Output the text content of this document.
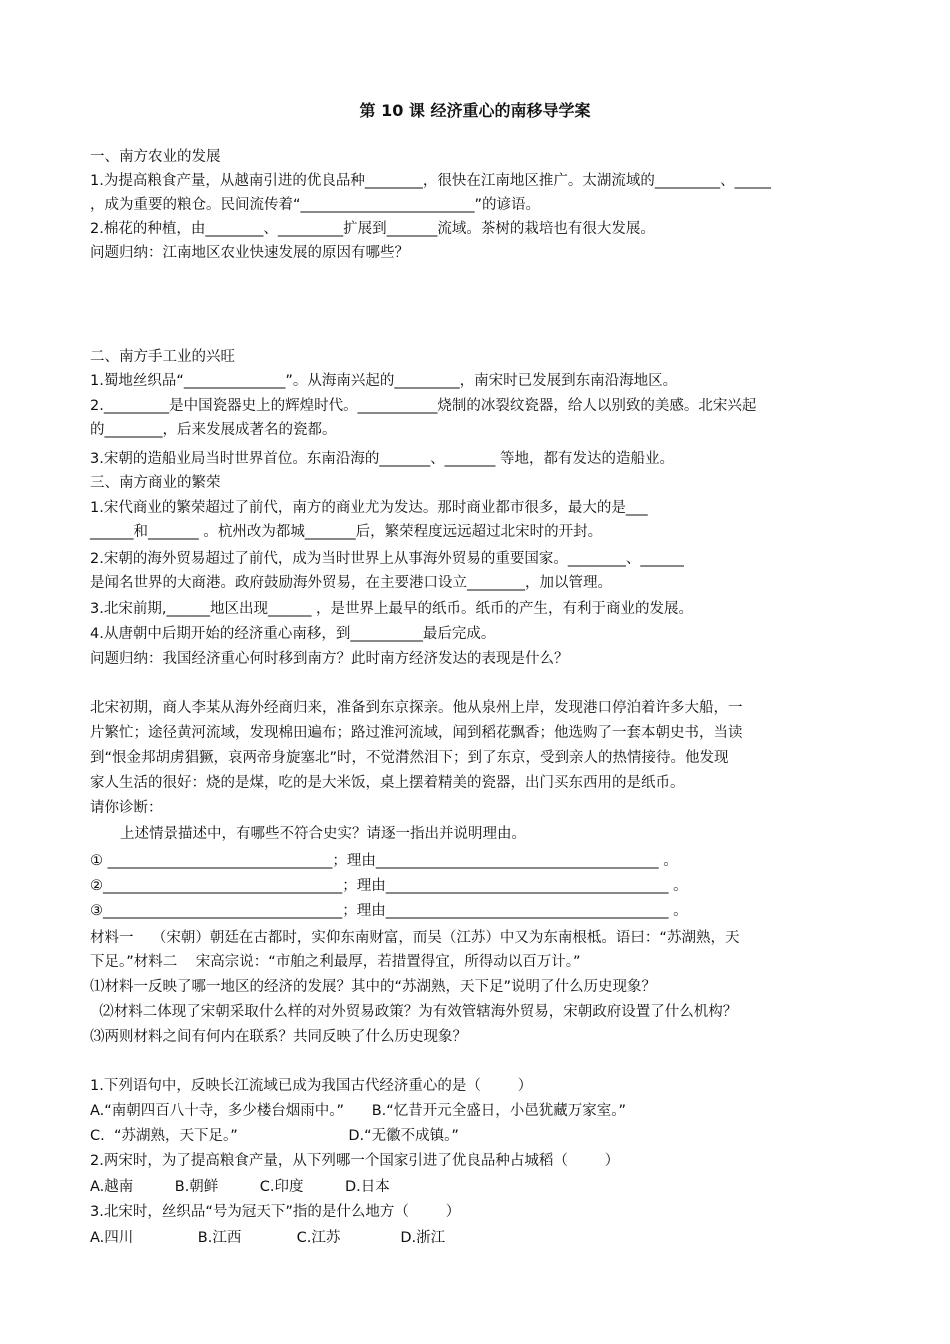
第 10 课 经济重心的南移导学案
一、南方农业的发展
1.为提高粮食产量，从越南引进的优良品种________，很快在江南地区推广。太湖流域的_________、_____
，成为重要的粮仓。民间流传着“________________________”的谚语。
2.棉花的种植，由________、_________扩展到_______流域。茶树的栽培也有很大发展。
问题归纳：江南地区农业快速发展的原因有哪些？
二、南方手工业的兴旺
1.蜀地丝织品“______________”。从海南兴起的_________，南宋时已发展到东南沿海地区。
2._________是中国瓷器史上的辉煌时代。___________烧制的冰裂纹瓷器，给人以别致的美感。北宋兴起
的________，后来发展成著名的瓷都。
3.宋朝的造船业局当时世界首位。东南沿海的_______、_______ 等地，都有发达的造船业。
三、南方商业的繁荣
1.宋代商业的繁荣超过了前代，南方的商业尤为发达。那时商业都市很多，最大的是___
______和_______ 。杭州改为都城_______后，繁荣程度远远超过北宋时的开封。
2.宋朝的海外贸易超过了前代，成为当时世界上从事海外贸易的重要国家。________、______
是闻名世界的大商港。政府鼓励海外贸易，在主要港口设立________，加以管理。
3.北宋前期,______地区出现______ ，是世界上最早的纸币。纸币的产生，有利于商业的发展。
4.从唐朝中后期开始的经济重心南移，到__________最后完成。
问题归纳：我国经济重心何时移到南方？此时南方经济发达的表现是什么？
北宋初期，商人李某从海外经商归来，准备到东京探亲。他从泉州上岸，发现港口停泊着许多大船，一
片繁忙；途径黄河流域，发现棉田遍布；路过淮河流域，闻到稻花飘香；他选购了一套本朝史书，当读
到“恨金邦胡虏猖獗，哀两帝身旋塞北”时，不觉潸然泪下；到了东京，受到亲人的热情接待。他发现
家人生活的很好：烧的是煤，吃的是大米饭，桌上摆着精美的瓷器，出门买东西用的是纸币。
请你诊断：
上述情景描述中，有哪些不符合史实？请逐一指出并说明理由。
① _______________________________；理由_______________________________________ 。
②_________________________________；理由_______________________________________ 。
③_________________________________；理由_______________________________________ 。
材料一    （宋朝）朝廷在古都时，实仰东南财富，而吴（江苏）中又为东南根柢。语曰：“苏湖熟，天
下足。”材料二    宋高宗说：“市舶之利最厚，若措置得宜，所得动以百万计。”
⑴材料一反映了哪一地区的经济的发展？其中的“苏湖熟，天下足”说明了什么历史现象？
⑵材料二体现了宋朝采取什么样的对外贸易政策？为有效管辖海外贸易，宋朝政府设置了什么机构？
⑶两则材料之间有何内在联系？共同反映了什么历史现象？
1.下列语句中，反映长江流域已成为我国古代经济重心的是（        ）
A.“南朝四百八十寺，多少楼台烟雨中。”      B.“忆昔开元全盛日，小邑犹藏万家室。”
C.  “苏湖熟，天下足。”                        D.“无徽不成镇。”
2.两宋时，为了提高粮食产量，从下列哪一个国家引进了优良品种占城稻（        ）
A.越南         B.朝鲜         C.印度         D.日本
3.北宋时，丝织品“号为冠天下”指的是什么地方（        ）
A.四川              B.江西            C.江苏             D.浙江
